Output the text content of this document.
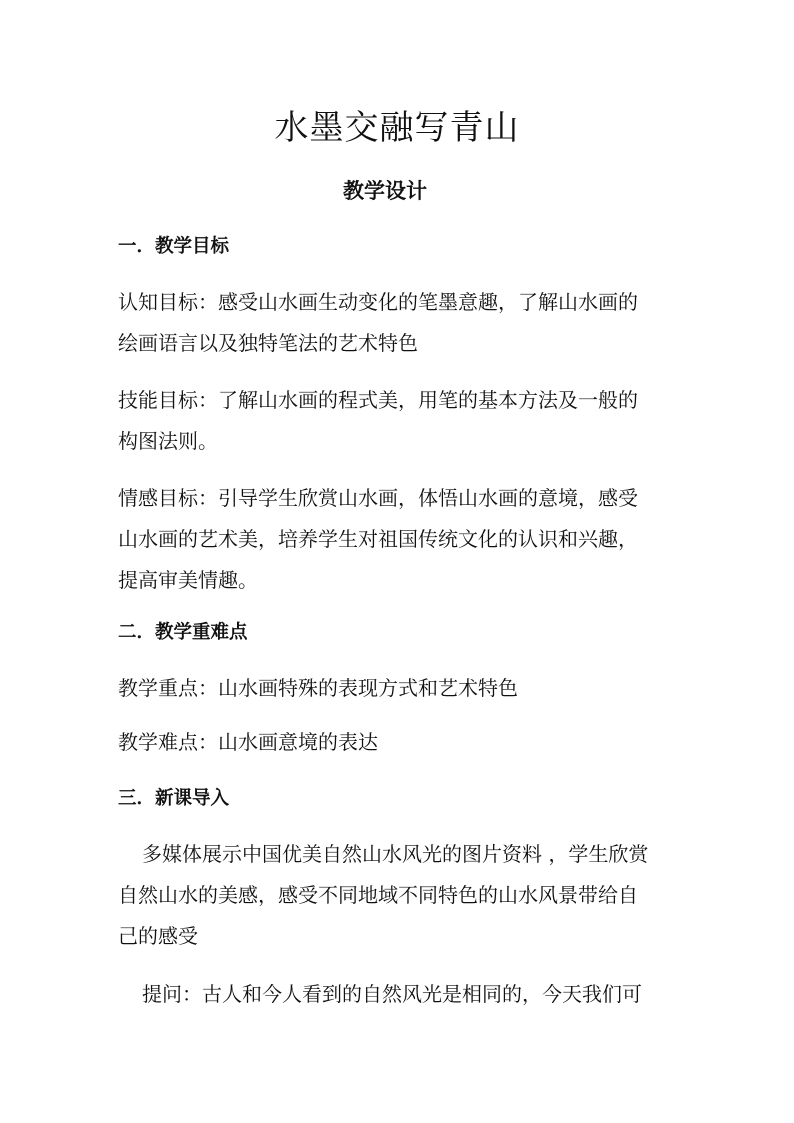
水墨交融写青山
教学设计
一．教学目标
认知目标：感受山水画生动变化的笔墨意趣，了解山水画的
绘画语言以及独特笔法的艺术特色
技能目标：了解山水画的程式美，用笔的基本方法及一般的
构图法则。
情感目标：引导学生欣赏山水画，体悟山水画的意境，感受
山水画的艺术美，培养学生对祖国传统文化的认识和兴趣，
提高审美情趣。
二．教学重难点
教学重点：山水画特殊的表现方式和艺术特色
教学难点：山水画意境的表达
三．新课导入
多媒体展示中国优美自然山水风光的图片资料 ，学生欣赏
自然山水的美感，感受不同地域不同特色的山水风景带给自
己的感受
提问：古人和今人看到的自然风光是相同的，今天我们可
